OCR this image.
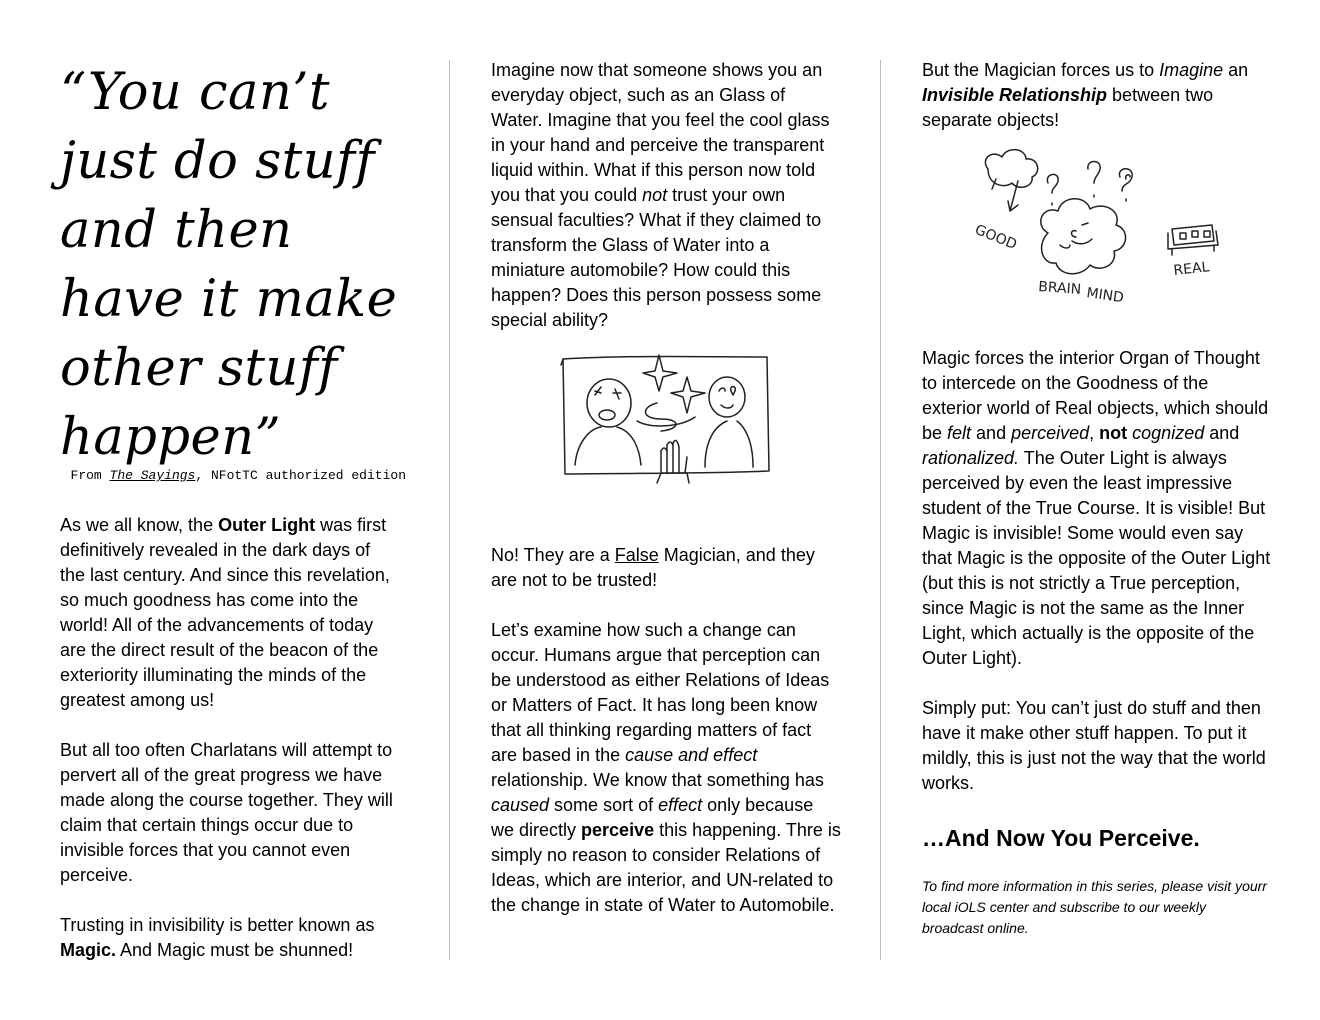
“You can’t just do stuff and then have it make other stuff happen”

From The Sayings, NFotTC authorized edition

As we all know, the Outer Light was first definitively revealed in the dark days of the last century. And since this revelation, so much goodness has come into the world! All of the advancements of today are the direct result of the beacon of the exteriority illuminating the minds of the greatest among us!

But all too often Charlatans will attempt to pervert all of the great progress we have made along the course together. They will claim that certain things occur due to invisible forces that you cannot even perceive.

Trusting in invisibility is better known as Magic. And Magic must be shunned!

Imagine now that someone shows you an everyday object, such as an Glass of Water. Imagine that you feel the cool glass in your hand and perceive the transparent liquid within. What if this person now told you that you could not trust your own sensual faculties? What if they claimed to transform the Glass of Water into a miniature automobile? How could this happen? Does this person possess some special ability?

No! They are a False Magician, and they are not to be trusted!

Let’s examine how such a change can occur. Humans argue that perception can be understood as either Relations of Ideas or Matters of Fact. It has long been know that all thinking regarding matters of fact are based in the cause and effect relationship. We know that something has caused some sort of effect only because we directly perceive this happening. Thre is simply no reason to consider Relations of Ideas, which are interior, and UN-related to the change in state of Water to Automobile.

But the Magician forces us to Imagine an Invisible Relationship between two separate objects!

GOOD
BRAIN MIND
REAL

Magic forces the interior Organ of Thought to intercede on the Goodness of the exterior world of Real objects, which should be felt and perceived, not cognized and rationalized. The Outer Light is always perceived by even the least impressive student of the True Course. It is visible! But Magic is invisible! Some would even say that Magic is the opposite of the Outer Light (but this is not strictly a True perception, since Magic is not the same as the Inner Light, which actually is the opposite of the Outer Light).

Simply put: You can’t just do stuff and then have it make other stuff happen. To put it mildly, this is just not the way that the world works.

…And Now You Perceive.

To find more information in this series, please visit yourr local iOLS center and subscribe to our weekly broadcast online.
